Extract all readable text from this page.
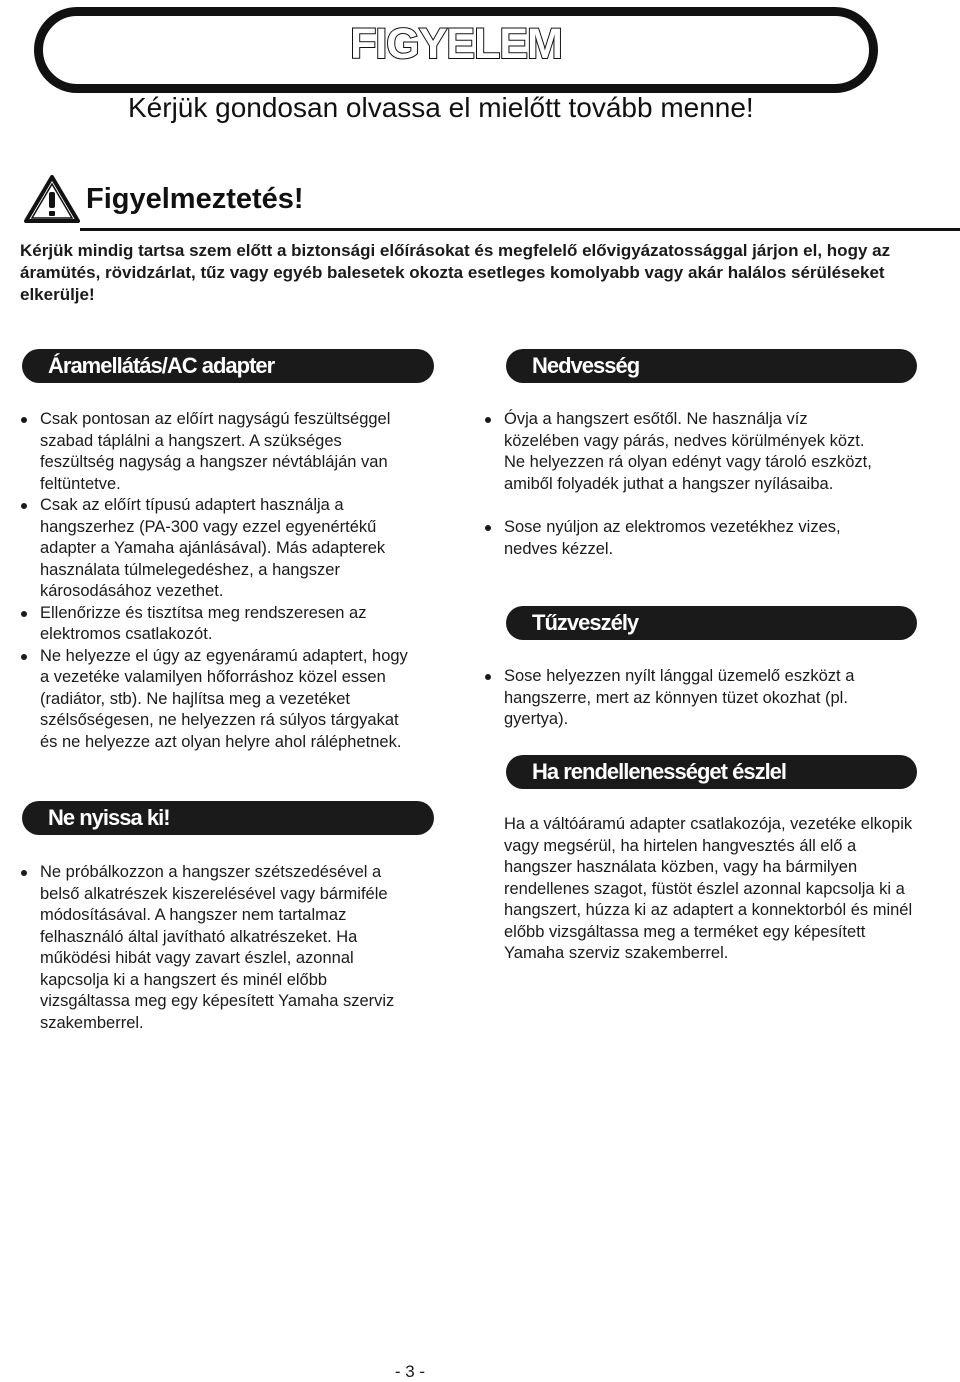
FIGYELEM
Kérjük gondosan olvassa el mielőtt tovább menne!
Figyelmeztetés!
Kérjük mindig tartsa szem előtt a biztonsági előírásokat és megfelelő elővigyázatossággal járjon el, hogy az áramütés, rövidzárlat, tűz vagy egyéb balesetek okozta esetleges komolyabb vagy akár halálos sérüléseket elkerülje!
Áramellátás/AC adapter
Csak pontosan az előírt nagyságú feszültséggel szabad táplálni a hangszert. A szükséges feszültség nagyság a hangszer névtábláján van feltüntetve.
Csak az előírt típusú adaptert használja a hangszerhez (PA-300 vagy ezzel egyenértékű adapter a Yamaha ajánlásával). Más adapterek használata túlmelegedéshez, a hangszer károsodásához vezethet.
Ellenőrizze és tisztítsa meg rendszeresen az elektromos csatlakozót.
Ne helyezze el úgy az egyenáramú adaptert, hogy a vezetéke valamilyen hőforráshoz közel essen (radiátor, stb). Ne hajlítsa meg a vezetéket szélsőségesen, ne helyezzen rá súlyos tárgyakat és ne helyezze azt olyan helyre ahol ráléphetnek.
Ne nyissa ki!
Ne próbálkozzon a hangszer szétszedésével a belső alkatrészek kiszerelésével vagy bármiféle módosításával. A hangszer nem tartalmaz felhasználó által javítható alkatrészeket. Ha működési hibát vagy zavart észlel, azonnal kapcsolja ki a hangszert és minél előbb vizsgáltassa meg egy képesített Yamaha szerviz szakemberrel.
Nedvesség
Óvja a hangszert esőtől. Ne használja víz közelében vagy párás, nedves körülmények közt. Ne helyezzen rá olyan edényt vagy tároló eszközt, amiből folyadék juthat a hangszer nyílásaiba.
Sose nyúljon az elektromos vezetékhez vizes, nedves kézzel.
Tűzveszély
Sose helyezzen nyílt lánggal üzemelő eszközt a hangszerre, mert az könnyen tüzet okozhat (pl. gyertya).
Ha rendellenességet észlel
Ha a váltóáramú adapter csatlakozója, vezetéke elkopik vagy megsérül, ha hirtelen hangvesztés áll elő a hangszer használata közben, vagy ha bármilyen rendellenes szagot, füstöt észlel azonnal kapcsolja ki a hangszert, húzza ki az adaptert a konnektorból és minél előbb vizsgáltassa meg a terméket egy képesített Yamaha szerviz szakemberrel.
- 3 -
